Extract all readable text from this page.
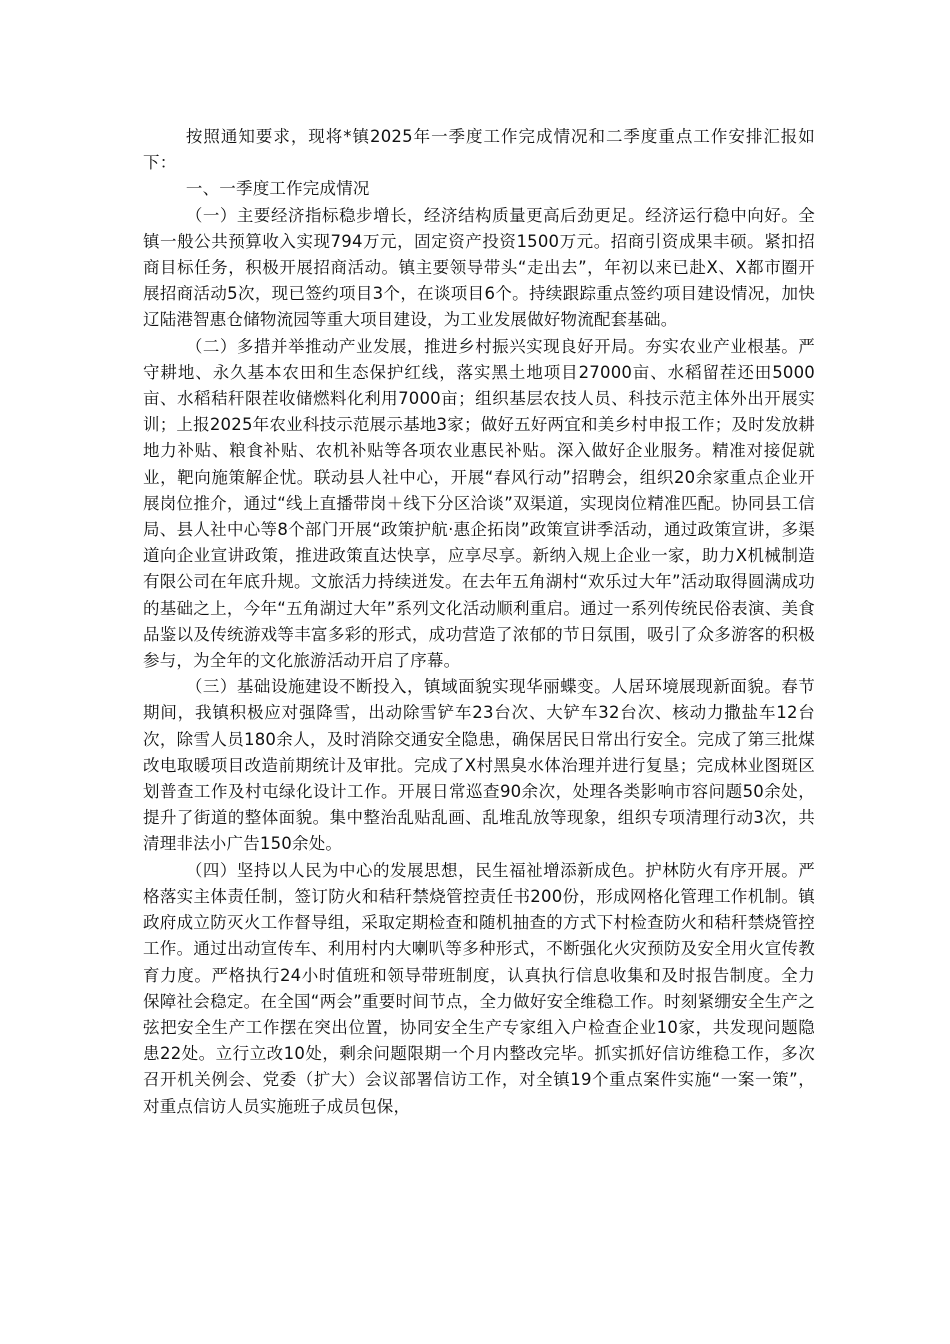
按照通知要求，现将*镇2025年一季度工作完成情况和二季度重点工作安排汇报如下：

一、一季度工作完成情况

（一）主要经济指标稳步增长，经济结构质量更高后劲更足。经济运行稳中向好。全镇一般公共预算收入实现794万元，固定资产投资1500万元。招商引资成果丰硕。紧扣招商目标任务，积极开展招商活动。镇主要领导带头“走出去”，年初以来已赴X、X都市圈开展招商活动5次，现已签约项目3个，在谈项目6个。持续跟踪重点签约项目建设情况，加快辽陆港智惠仓储物流园等重大项目建设，为工业发展做好物流配套基础。

（二）多措并举推动产业发展，推进乡村振兴实现良好开局。夯实农业产业根基。严守耕地、永久基本农田和生态保护红线，落实黑土地项目27000亩、水稻留茬还田5000亩、水稻秸秆限茬收储燃料化利用7000亩；组织基层农技人员、科技示范主体外出开展实训；上报2025年农业科技示范展示基地3家；做好五好两宜和美乡村申报工作；及时发放耕地力补贴、粮食补贴、农机补贴等各项农业惠民补贴。深入做好企业服务。精准对接促就业，靶向施策解企忧。联动县人社中心，开展“春风行动”招聘会，组织20余家重点企业开展岗位推介，通过“线上直播带岗＋线下分区洽谈”双渠道，实现岗位精准匹配。协同县工信局、县人社中心等8个部门开展“政策护航·惠企拓岗”政策宣讲季活动，通过政策宣讲，多渠道向企业宣讲政策，推进政策直达快享，应享尽享。新纳入规上企业一家，助力X机械制造有限公司在年底升规。文旅活力持续迸发。在去年五角湖村“欢乐过大年”活动取得圆满成功的基础之上，今年“五角湖过大年”系列文化活动顺利重启。通过一系列传统民俗表演、美食品鉴以及传统游戏等丰富多彩的形式，成功营造了浓郁的节日氛围，吸引了众多游客的积极参与，为全年的文化旅游活动开启了序幕。

（三）基础设施建设不断投入，镇域面貌实现华丽蝶变。人居环境展现新面貌。春节期间，我镇积极应对强降雪，出动除雪铲车23台次、大铲车32台次、核动力撒盐车12台次，除雪人员180余人，及时消除交通安全隐患，确保居民日常出行安全。完成了第三批煤改电取暖项目改造前期统计及审批。完成了X村黑臭水体治理并进行复垦；完成林业图斑区划普查工作及村屯绿化设计工作。开展日常巡查90余次，处理各类影响市容问题50余处，提升了街道的整体面貌。集中整治乱贴乱画、乱堆乱放等现象，组织专项清理行动3次，共清理非法小广告150余处。

（四）坚持以人民为中心的发展思想，民生福祉增添新成色。护林防火有序开展。严格落实主体责任制，签订防火和秸秆禁烧管控责任书200份，形成网格化管理工作机制。镇政府成立防灭火工作督导组，采取定期检查和随机抽查的方式下村检查防火和秸秆禁烧管控工作。通过出动宣传车、利用村内大喇叭等多种形式，不断强化火灾预防及安全用火宣传教育力度。严格执行24小时值班和领导带班制度，认真执行信息收集和及时报告制度。全力保障社会稳定。在全国“两会”重要时间节点，全力做好安全维稳工作。时刻紧绷安全生产之弦把安全生产工作摆在突出位置，协同安全生产专家组入户检查企业10家，共发现问题隐患22处。立行立改10处，剩余问题限期一个月内整改完毕。抓实抓好信访维稳工作，多次召开机关例会、党委（扩大）会议部署信访工作，对全镇19个重点案件实施“一案一策”，对重点信访人员实施班子成员包保，
